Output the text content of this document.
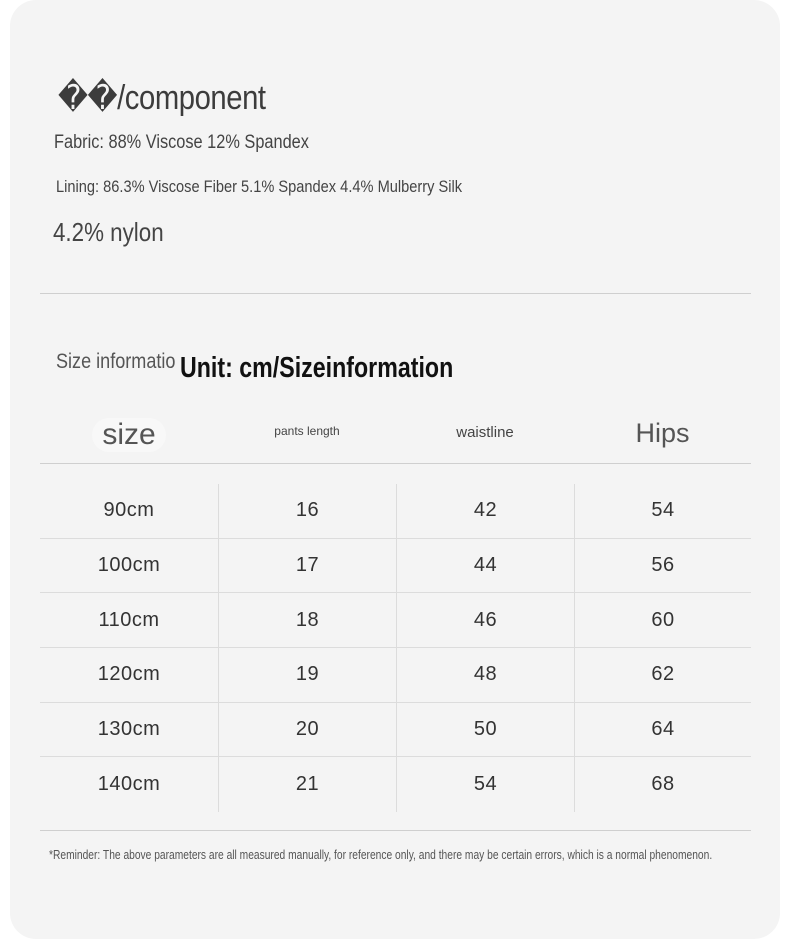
��/component
Fabric: 88% Viscose 12% Spandex
Lining: 86.3% Viscose Fiber 5.1% Spandex 4.4% Mulberry Silk
4.2% nylon
Size informatio Unit: cm/Sizeinformation
size	pants length	waistline	Hips
90cm	16	42	54
100cm	17	44	56
110cm	18	46	60
120cm	19	48	62
130cm	20	50	64
140cm	21	54	68
*Reminder: The above parameters are all measured manually, for reference only, and there may be certain errors, which is a normal phenomenon.
